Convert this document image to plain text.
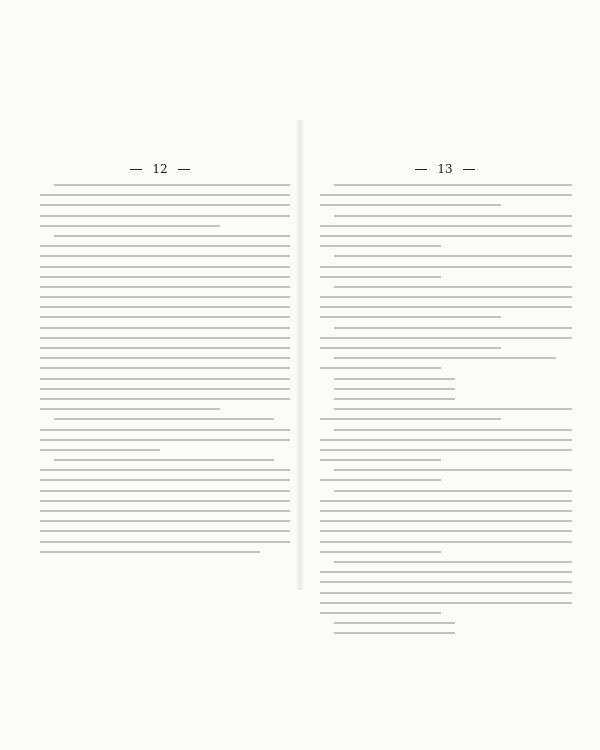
12	13
